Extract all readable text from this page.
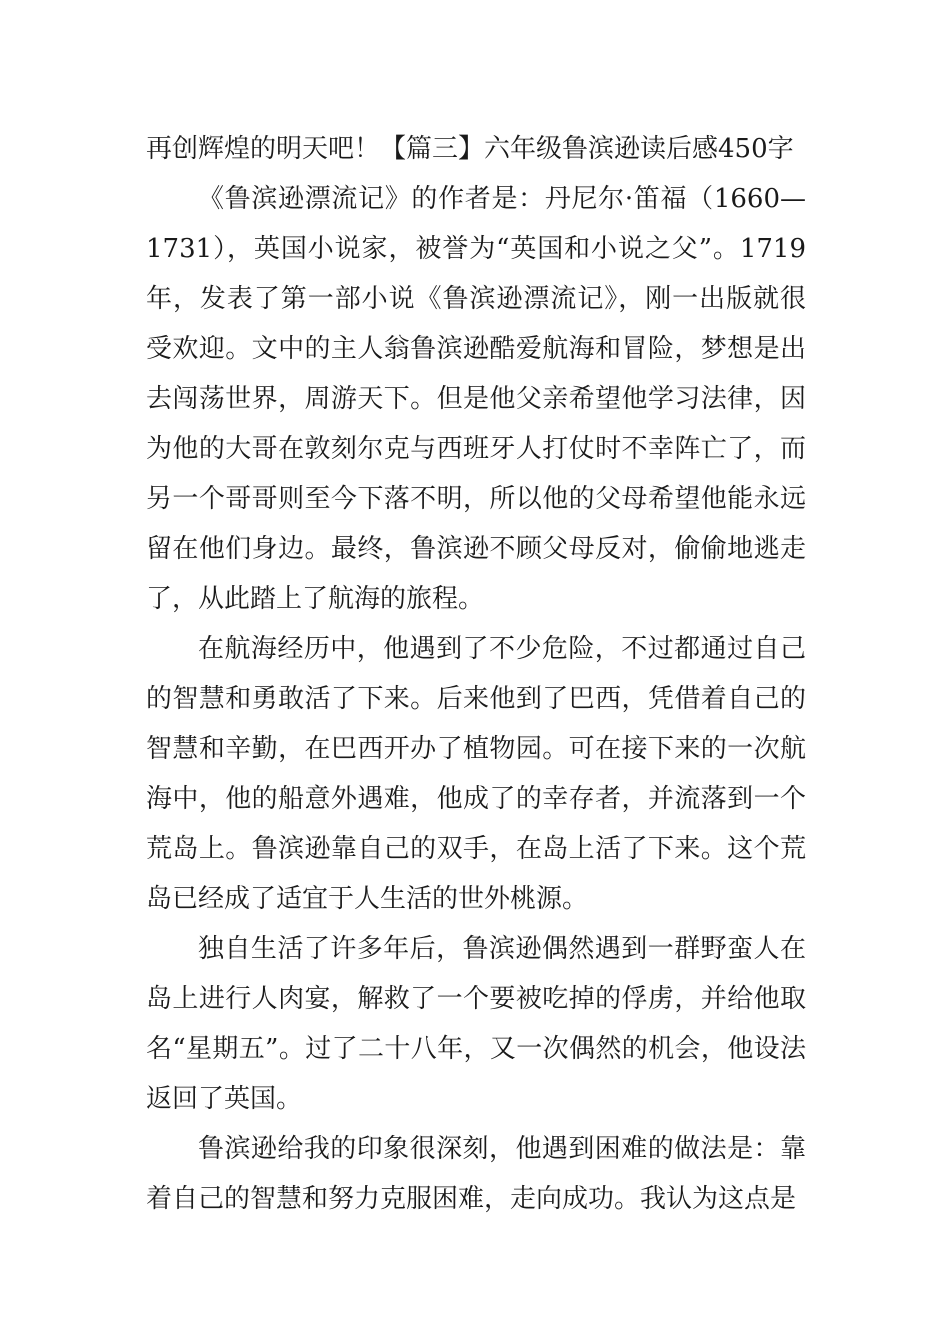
再创辉煌的明天吧！【篇三】六年级鲁滨逊读后感450字

《鲁滨逊漂流记》的作者是：丹尼尔·笛福（1660—1731），英国小说家，被誉为“英国和小说之父”。1719年，发表了第一部小说《鲁滨逊漂流记》，刚一出版就很受欢迎。文中的主人翁鲁滨逊酷爱航海和冒险，梦想是出去闯荡世界，周游天下。但是他父亲希望他学习法律，因为他的大哥在敦刻尔克与西班牙人打仗时不幸阵亡了，而另一个哥哥则至今下落不明，所以他的父母希望他能永远留在他们身边。最终，鲁滨逊不顾父母反对，偷偷地逃走了，从此踏上了航海的旅程。

在航海经历中，他遇到了不少危险，不过都通过自己的智慧和勇敢活了下来。后来他到了巴西，凭借着自己的智慧和辛勤，在巴西开办了植物园。可在接下来的一次航海中，他的船意外遇难，他成了的幸存者，并流落到一个荒岛上。鲁滨逊靠自己的双手，在岛上活了下来。这个荒岛已经成了适宜于人生活的世外桃源。

独自生活了许多年后，鲁滨逊偶然遇到一群野蛮人在岛上进行人肉宴，解救了一个要被吃掉的俘虏，并给他取名“星期五”。过了二十八年，又一次偶然的机会，他设法返回了英国。

鲁滨逊给我的印象很深刻，他遇到困难的做法是：靠着自己的智慧和努力克服困难，走向成功。我认为这点是
